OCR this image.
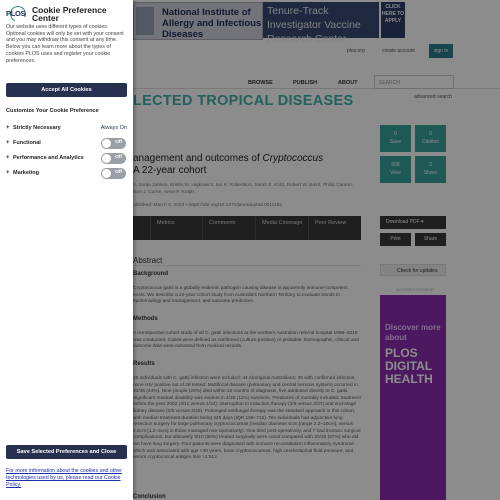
National Institute of Allergy and Infectious Diseases
Tenure-Track Investigator Vaccine Research Center
CLICK HERE TO APPLY
plos.org	create account	sign in
BROWSE	PUBLISH	ABOUT	SEARCH
advanced search
LECTED TROPICAL DISEASES
0
Save
0
Citation
568
View
3
Share
anagement and outcomes of Cryptococcus
A 22-year cohort
n, Sonja Janson, Kristin M. Hajkowicz, Ian K. Robertson, Sarah E. Kidd, Robert W. Baird, Philip Carson, Bart J. Currie, Anna P. Ralph
ublished: March 6, 2023 • https://doi.org/10.1371/journal.pntd.0011182
Metrics	Comments	Media Coverage	Peer Review	Download PDF ▾
Print	Share
Check for updates
ADVERTISEMENT
Discover more about
PLOS DIGITAL HEALTH
Abstract
Background
Cryptococcus gattii is a globally endemic pathogen causing disease in apparently immune-competent hosts. We describe a 22-year cohort study from Australia's Northern Territory to evaluate trends in epidemiology and management, and outcome predictors.
Methods
A retrospective cohort study of all C. gattii infections at the northern Australian referral hospital 1996–2018 was conducted. Cases were defined as confirmed (culture-positive) or probable. Demographic, clinical and outcome data were extracted from medical records.
Results
45 individuals with C. gattii infection were included: 44 Aboriginal Australians; 35 with confirmed infection, none HIV positive out of 38 tested. Multifocal disease (pulmonary and central nervous system) occurred in 20/45 (44%). Nine people (20%) died within 12 months of diagnosis, five attributed directly to C. gattii. Significant residual disability was evident in 4/36 (11%) survivors. Predictors of mortality included: treatment before the year 2002 (4/11 versus 1/34); interruption to induction therapy (3/8 versus 3/37) and end-stage kidney disease (2/5 versus 3/40). Prolonged antifungal therapy was the standard approach in this cohort, with median treatment duration being 425 days (IQR 166–715). Ten individuals had adjunctive lung resection surgery for large pulmonary cryptococcomas (median diameter 6cm [range 2.2–10cm], versus 2.6cm [1.2–5cm] in those managed non-operatively). One died post-operatively, and 7 had thoracic surgical complications, but ultimately 9/10 (90%) treated surgically were cured compared with 20/25 (67%) who did not have lung surgery. Four patients were diagnosed with immune reconstitution inflammatory syndrome which was associated with age <40 years, brain cryptococcomas, high cerebrospinal fluid pressure, and serum cryptococcal antigen titre >1:512.
Conclusion
PLOS Cookie Preference Center
Our website uses different types of cookies. Optional cookies will only be set with your consent and you may withdraw this consent at any time. Below you can learn more about the types of cookies PLOS uses and register your cookie preferences.
Accept All Cookies
Customize Your Cookie Preference
+ Strictly Necessary	Always On
+ Functional	Off
+ Performance and Analytics	Off
+ Marketing	Off
Save Selected Preferences and Close
For more information about the cookies and other technologies used by us, please read our Cookie Policy.
